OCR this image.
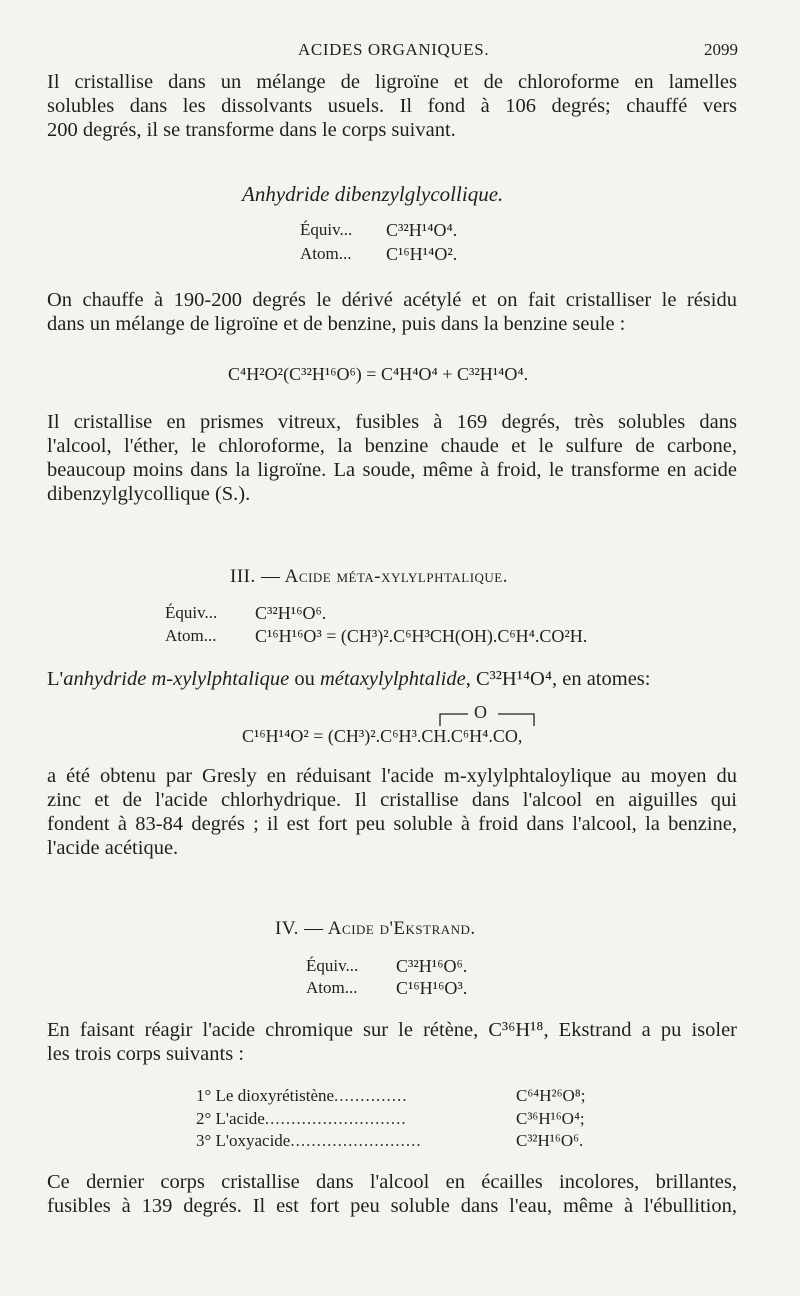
ACIDES ORGANIQUES.	2099
Il cristallise dans un mélange de ligroïne et de chloroforme en lamelles
solubles dans les dissolvants usuels. Il fond à 106 degrés; chauffé vers
200 degrés, il se transforme dans le corps suivant.
Anhydride dibenzylglycollique.
Équiv... C³²H¹⁴O⁴.
Atom... C¹⁶H¹⁴O².
On chauffe à 190-200 degrés le dérivé acétylé et on fait cristalliser le résidu
dans un mélange de ligroïne et de benzine, puis dans la benzine seule :
C⁴H²O²(C³²H¹⁶O⁶) = C⁴H⁴O⁴ + C³²H¹⁴O⁴.
Il cristallise en prismes vitreux, fusibles à 169 degrés, très solubles dans
l'alcool, l'éther, le chloroforme, la benzine chaude et le sulfure de carbone,
beaucoup moins dans la ligroïne. La soude, même à froid, le transforme en acide
dibenzylglycollique (S.).
III. — Acide méta-xylylphtalique.
Équiv... C³²H¹⁶O⁶.
Atom... C¹⁶H¹⁶O³ = (CH³)².C⁶H³CH(OH).C⁶H⁴.CO²H.
L'anhydride m-xylylphtalique ou métaxylylphtalide, C³²H¹⁴O⁴, en atomes:
O
C¹⁶H¹⁴O² = (CH³)².C⁶H³.CH.C⁶H⁴.CO,
a été obtenu par Gresly en réduisant l'acide m-xylylphtaloylique au moyen du
zinc et de l'acide chlorhydrique. Il cristallise dans l'alcool en aiguilles qui
fondent à 83-84 degrés ; il est fort peu soluble à froid dans l'alcool, la benzine,
l'acide acétique.
IV. — Acide d'Ekstrand.
Équiv... C³²H¹⁶O⁶.
Atom... C¹⁶H¹⁶O³.
En faisant réagir l'acide chromique sur le rétène, C³⁶H¹⁸, Ekstrand a pu isoler
les trois corps suivants :
1° Le dioxyrétistène..............	C⁶⁴H²⁶O⁸;
2° L'acide...........................	C³⁶H¹⁶O⁴;
3° L'oxyacide.........................	C³²H¹⁶O⁶.
Ce dernier corps cristallise dans l'alcool en écailles incolores, brillantes,
fusibles à 139 degrés. Il est fort peu soluble dans l'eau, même à l'ébullition,
